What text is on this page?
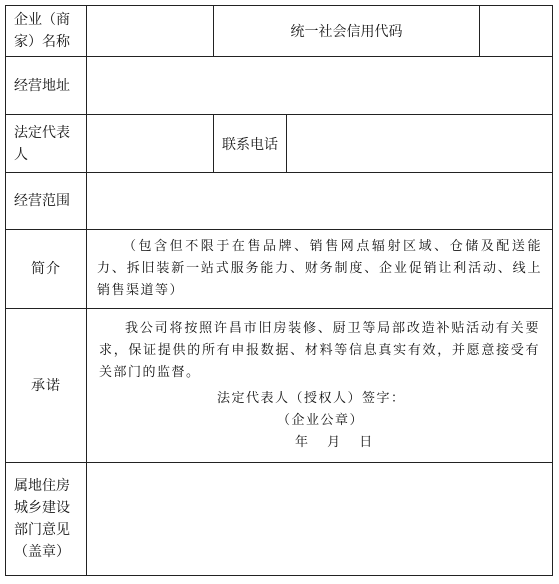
企业（商家）名称		统一社会信用代码		
经营地址				
法定代表人		联系电话		
经营范围				
简介	（包含但不限于在售品牌、销售网点辐射区域、仓储及配送能力、拆旧装新一站式服务能力、财务制度、企业促销让利活动、线上销售渠道等）			

承诺	我公司将按照许昌市旧房装修、厨卫等局部改造补贴活动有关要求，保证提供的所有申报数据、材料等信息真实有效，并愿意接受有关部门的监督。
法定代表人（授权人）签字：
（企业公章）
年 月 日			

属地住房城乡建设部门意见（盖章）				
